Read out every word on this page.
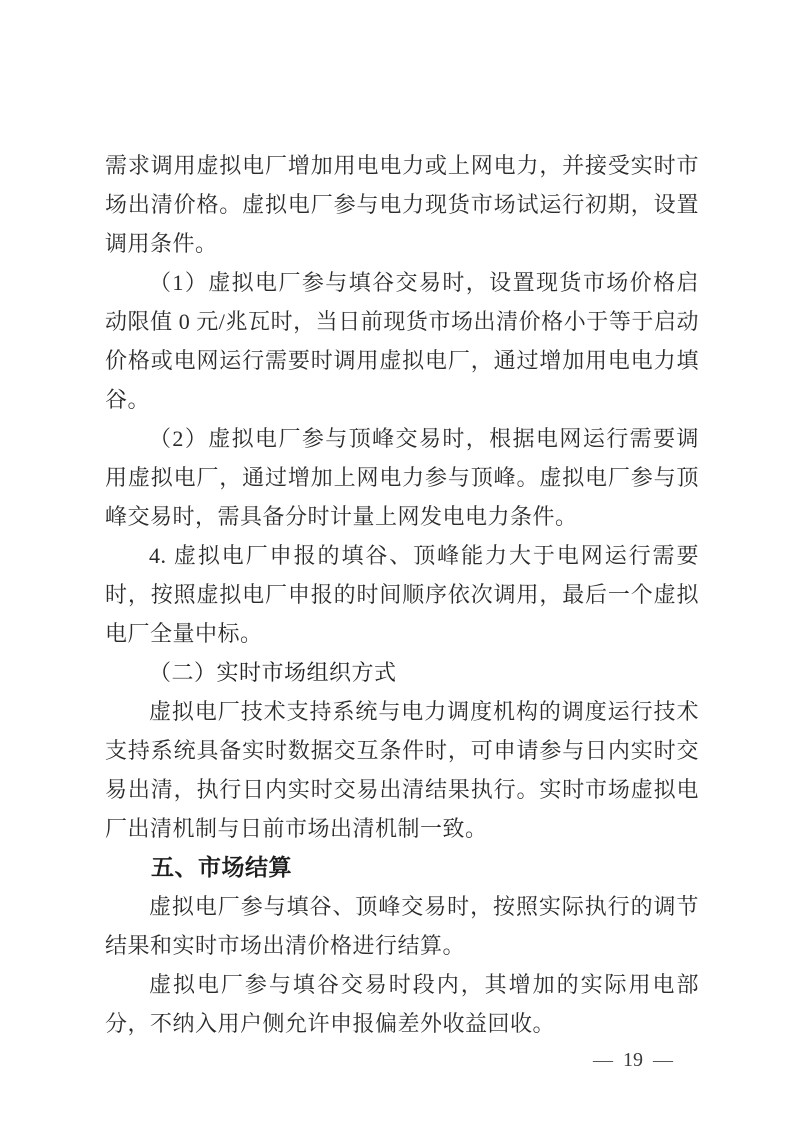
需求调用虚拟电厂增加用电电力或上网电力，并接受实时市场出清价格。虚拟电厂参与电力现货市场试运行初期，设置调用条件。

（1）虚拟电厂参与填谷交易时，设置现货市场价格启动限值 0 元/兆瓦时，当日前现货市场出清价格小于等于启动价格或电网运行需要时调用虚拟电厂，通过增加用电电力填谷。

（2）虚拟电厂参与顶峰交易时，根据电网运行需要调用虚拟电厂，通过增加上网电力参与顶峰。虚拟电厂参与顶峰交易时，需具备分时计量上网发电电力条件。

4. 虚拟电厂申报的填谷、顶峰能力大于电网运行需要时，按照虚拟电厂申报的时间顺序依次调用，最后一个虚拟电厂全量中标。

（二）实时市场组织方式

虚拟电厂技术支持系统与电力调度机构的调度运行技术支持系统具备实时数据交互条件时，可申请参与日内实时交易出清，执行日内实时交易出清结果执行。实时市场虚拟电厂出清机制与日前市场出清机制一致。

五、市场结算

虚拟电厂参与填谷、顶峰交易时，按照实际执行的调节结果和实时市场出清价格进行结算。

虚拟电厂参与填谷交易时段内，其增加的实际用电部分，不纳入用户侧允许申报偏差外收益回收。

— 19 —
